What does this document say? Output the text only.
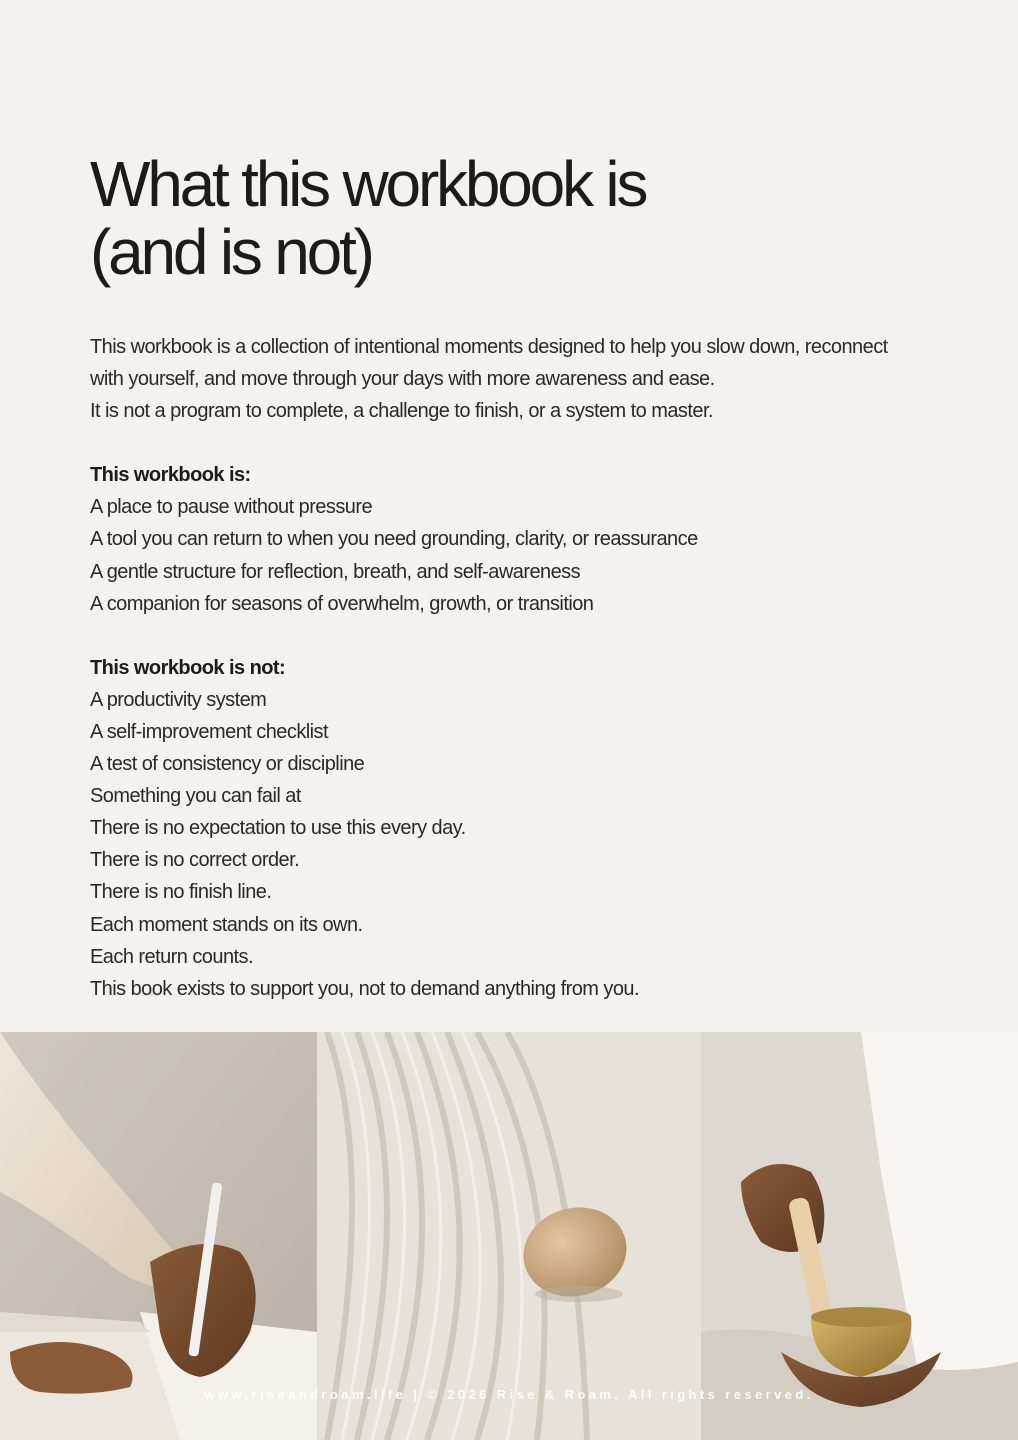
What this workbook is
(and is not)
This workbook is a collection of intentional moments designed to help you slow down, reconnect
with yourself, and move through your days with more awareness and ease.
It is not a program to complete, a challenge to finish, or a system to master.
This workbook is:
A place to pause without pressure
A tool you can return to when you need grounding, clarity, or reassurance
A gentle structure for reflection, breath, and self-awareness
A companion for seasons of overwhelm, growth, or transition
This workbook is not:
A productivity system
A self-improvement checklist
A test of consistency or discipline
Something you can fail at
There is no expectation to use this every day.
There is no correct order.
There is no finish line.
Each moment stands on its own.
Each return counts.
This book exists to support you, not to demand anything from you.
www.riseandroam.life | © 2026 Rise & Roam. All rights reserved.
